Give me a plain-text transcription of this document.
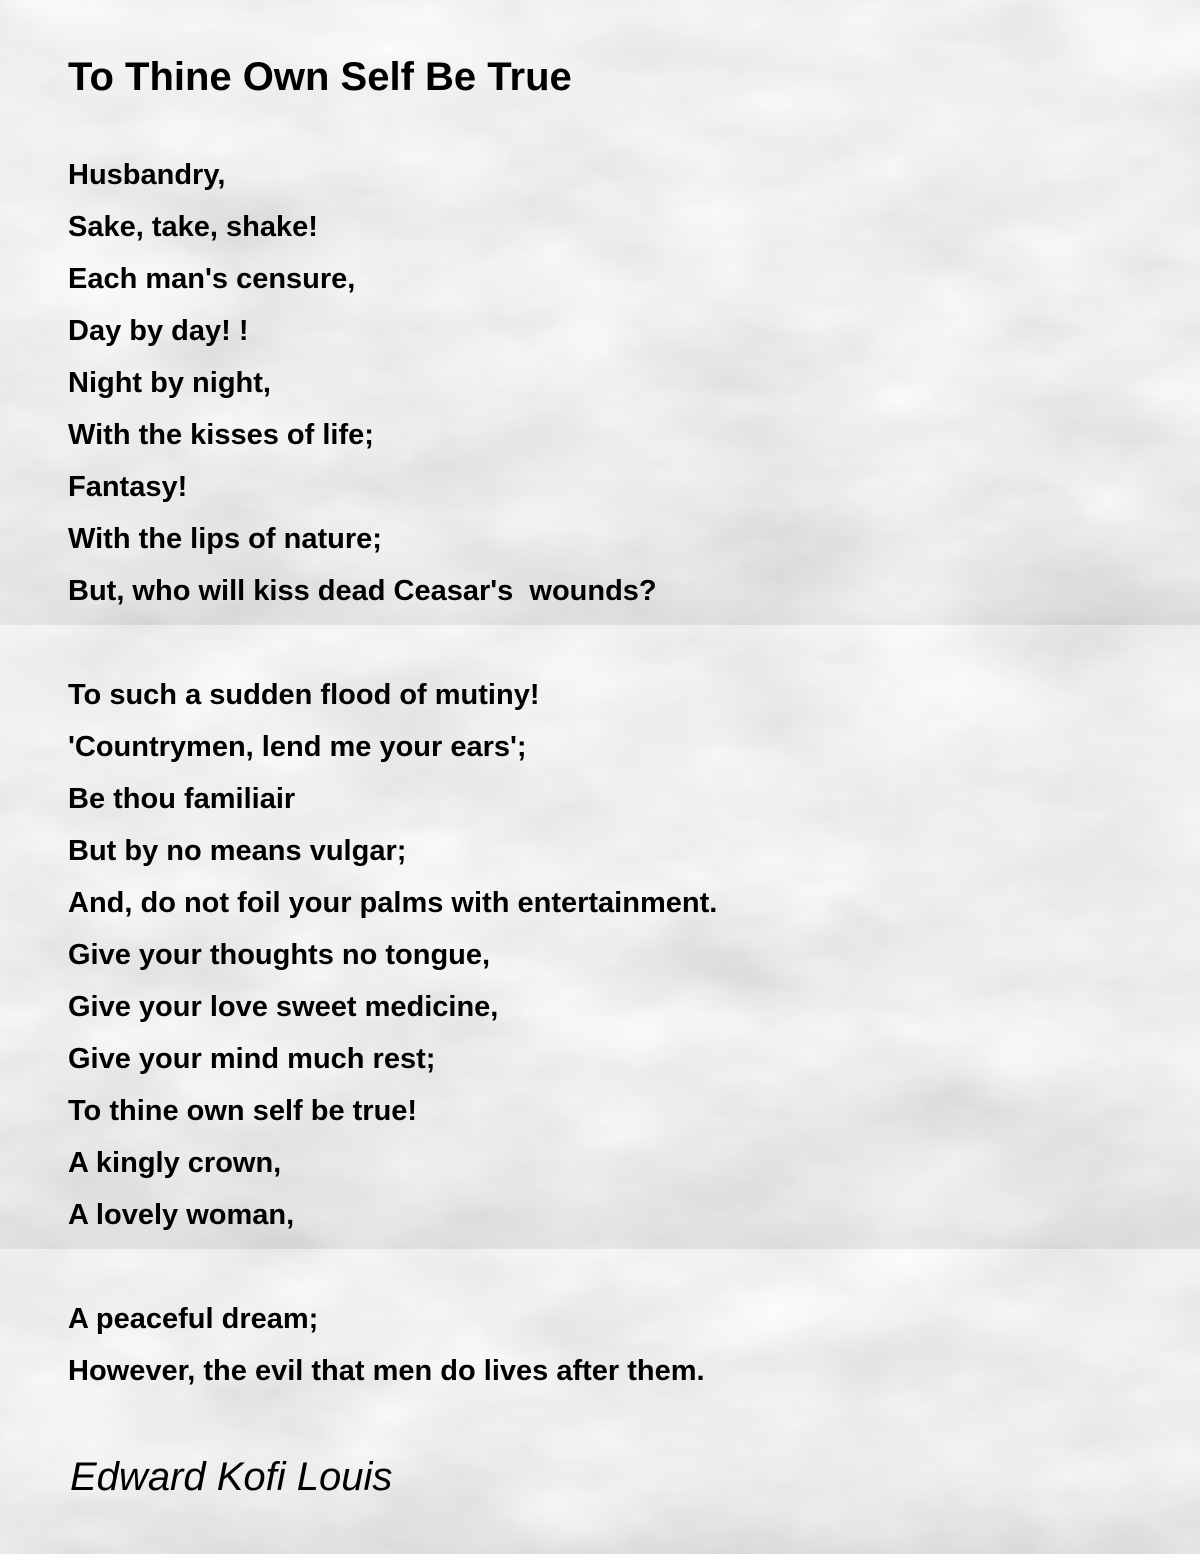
To Thine Own Self Be True
Husbandry,
Sake, take, shake!
Each man's censure,
Day by day! !
Night by night,
With the kisses of life;
Fantasy!
With the lips of nature;
But, who will kiss dead Ceasar's  wounds?
To such a sudden flood of mutiny!
'Countrymen, lend me your ears';
Be thou familiair
But by no means vulgar;
And, do not foil your palms with entertainment.
Give your thoughts no tongue,
Give your love sweet medicine,
Give your mind much rest;
To thine own self be true!
A kingly crown,
A lovely woman,
A peaceful dream;
However, the evil that men do lives after them.
Edward Kofi Louis
